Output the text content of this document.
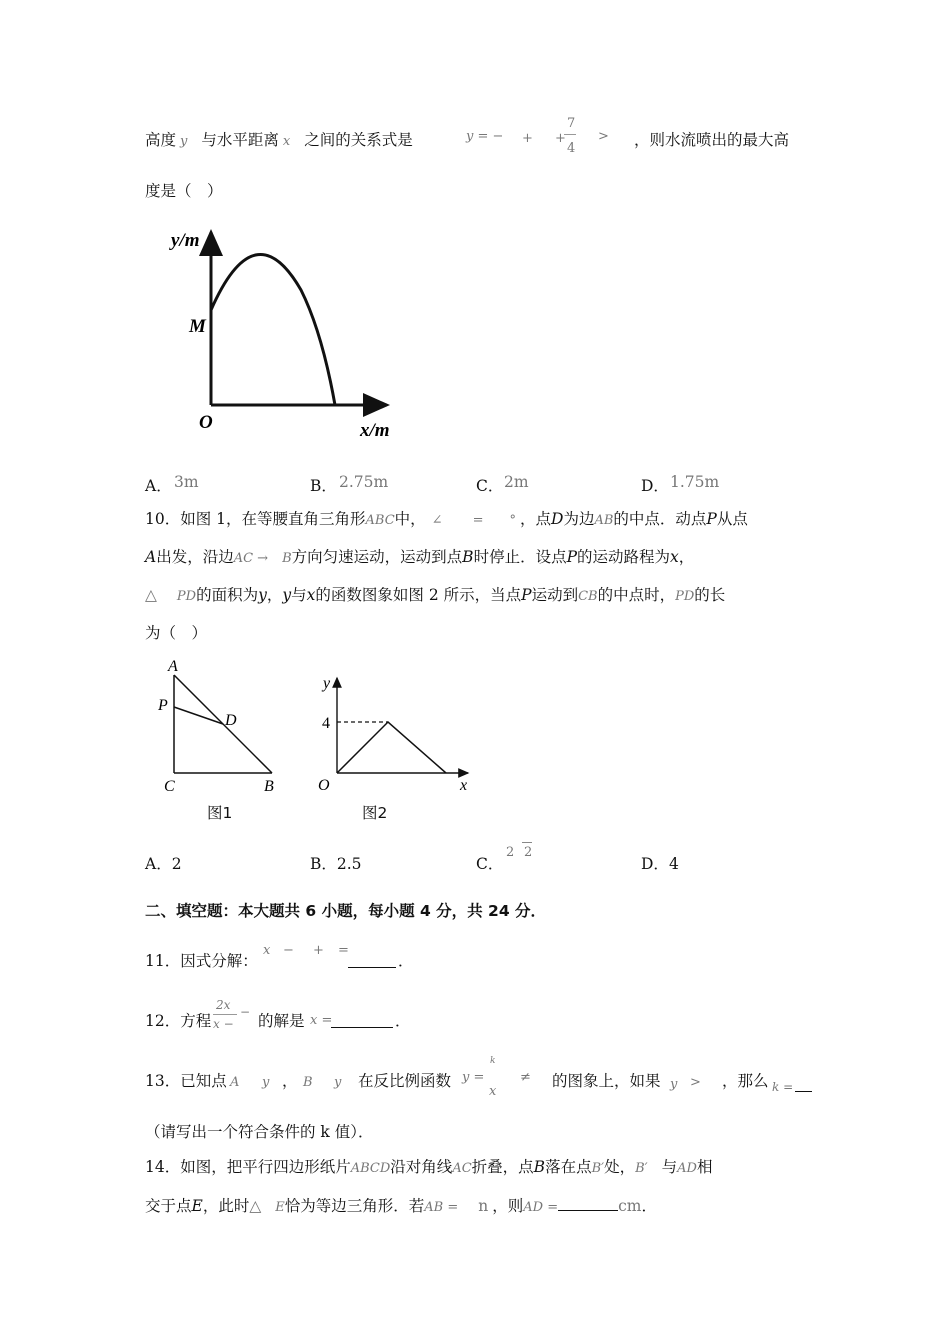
高度 y 与水平距离 x 之间的关系式是	y = − + +
7
4
> ，则水流喷出的最大高
度是（　）
y/m
M
O	x/m
A． 3m	B． 2.75m	C． 2m	D． 1.75m
10．如图 1，在等腰直角三角形ABC中， ∠ = ° ，点D为边AB的中点．动点P从点
A出发，沿边AC → B方向匀速运动，运动到点B时停止．设点P的运动路程为x，
△ PD的面积为y，y与x的函数图象如图 2 所示，当点P运动到CB的中点时，PD的长
为（　）
A
P
D
C	B
图1
y
4
O	x
图2
A．2	B．2.5	C．
2 2
D．4
二、填空题：本大题共 6 小题，每小题 4 分，共 24 分．
11．因式分解：
x − + =
．
12．方程
2x −
x − 的解是 x =	．
13．已知点 A y ， B y 在反比例函数 y =
k
x
≠ 的图象上，如果 y > ，那么 k =
（请写出一个符合条件的 k 值）．
14．如图，把平行四边形纸片ABCD沿对角线AC折叠，点B落在点B′处，B′ 与AD相
交于点E，此时△ E恰为等边三角形．若AB = n ，则AD =	cm．
